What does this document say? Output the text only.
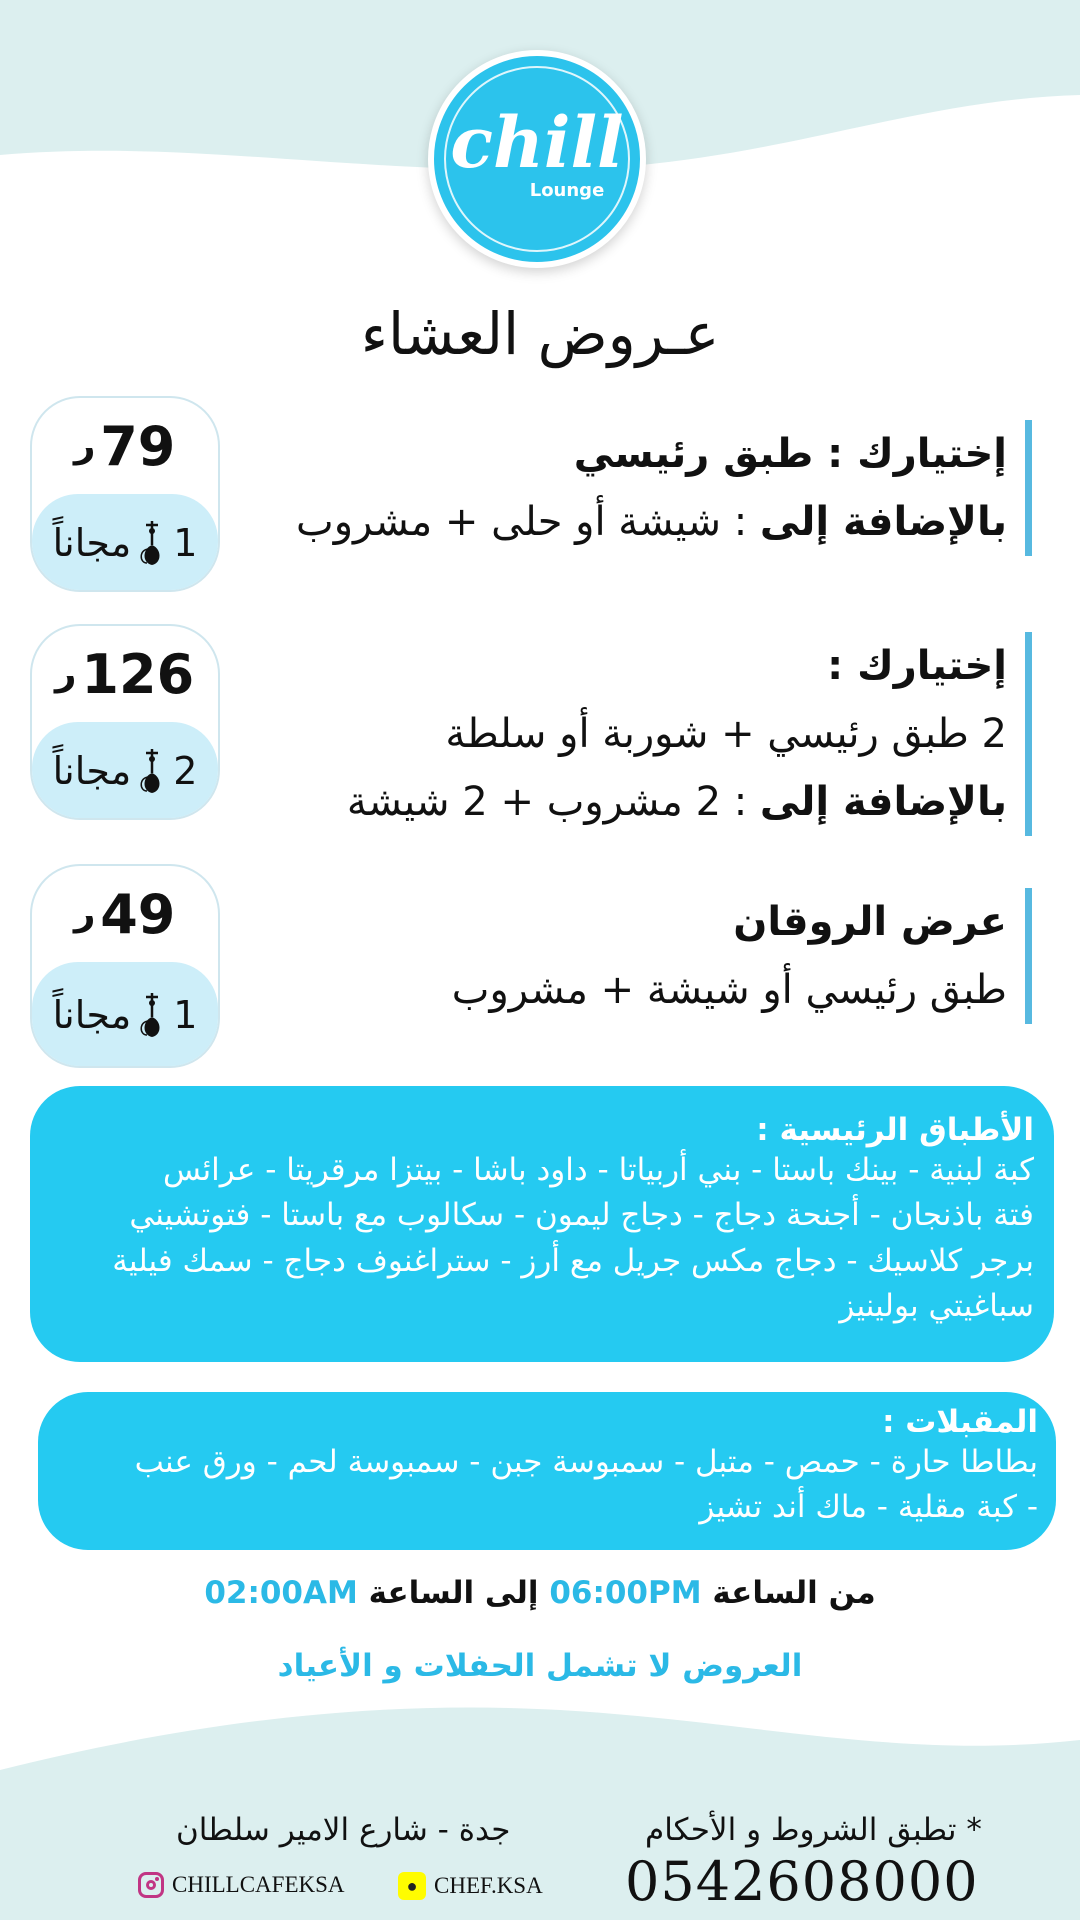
chill
Lounge
عـروض العشاء
إختيارك : طبق رئيسي
بالإضافة إلى : شيشة أو حلى + مشروب
79
ر
1
مجاناً
إختيارك :
2 طبق رئيسي + شوربة أو سلطة
بالإضافة إلى : 2 مشروب + 2 شيشة
126
ر
2
مجاناً
عرض الروقان
طبق رئيسي أو شيشة + مشروب
49
ر
1
مجاناً
الأطباق الرئيسية :
كبة لبنية - بينك باستا - بني أربياتا - داود باشا - بيتزا مرقريتا - عرائس
فتة باذنجان - أجنحة دجاج - دجاج ليمون - سكالوب مع باستا - فتوتشيني
برجر كلاسيك - دجاج مكس جريل مع أرز - ستراغنوف دجاج - سمك فيلية
سباغيتي بولينيز
المقبلات :
بطاطا حارة - حمص - متبل - سمبوسة جبن - سمبوسة لحم - ورق عنب
- كبة مقلية - ماك أند تشيز
من الساعة 06:00PM إلى الساعة 02:00AM
العروض لا تشمل الحفلات و الأعياد
* تطبق الشروط و الأحكام
0542608000
جدة - شارع الامير سلطان
CHILLCAFEKSA	● CHEF.KSA
